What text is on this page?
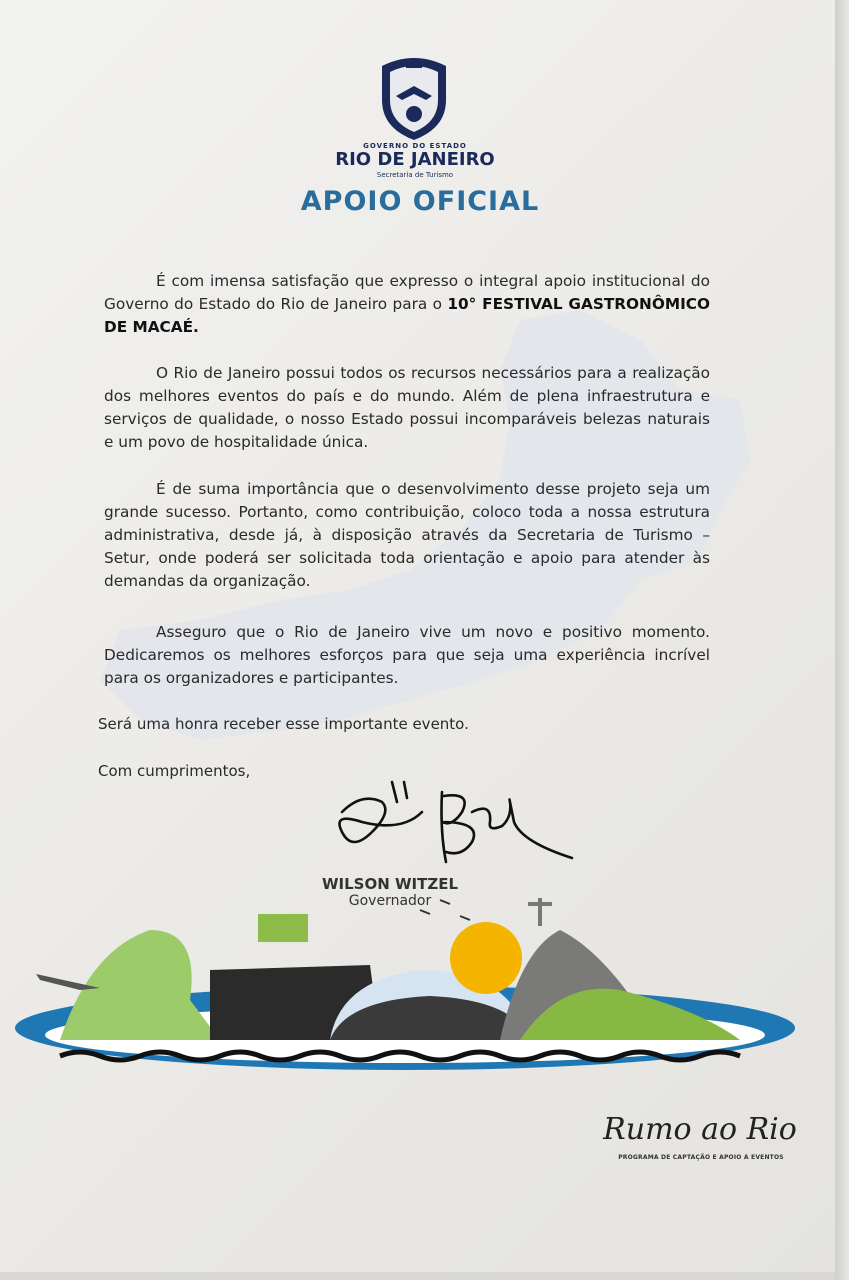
GOVERNO DO ESTADO
RIO DE JANEIRO
Secretaria de Turismo
APOIO OFICIAL

É com imensa satisfação que expresso o integral apoio institucional do Governo do Estado do Rio de Janeiro para o 10° FESTIVAL GASTRONÔMICO DE MACAÉ.

O Rio de Janeiro possui todos os recursos necessários para a realização dos melhores eventos do país e do mundo. Além de plena infraestrutura e serviços de qualidade, o nosso Estado possui incomparáveis belezas naturais e um povo de hospitalidade única.

É de suma importância que o desenvolvimento desse projeto seja um grande sucesso. Portanto, como contribuição, coloco toda a nossa estrutura administrativa, desde já, à disposição através da Secretaria de Turismo – Setur, onde poderá ser solicitada toda orientação e apoio para atender às demandas da organização.

Asseguro que o Rio de Janeiro vive um novo e positivo momento. Dedicaremos os melhores esforços para que seja uma experiência incrível para os organizadores e participantes.

Será uma honra receber esse importante evento.

Com cumprimentos,

WILSON WITZEL
Governador
Rumo ao Rio
PROGRAMA DE CAPTAÇÃO E APOIO A EVENTOS
